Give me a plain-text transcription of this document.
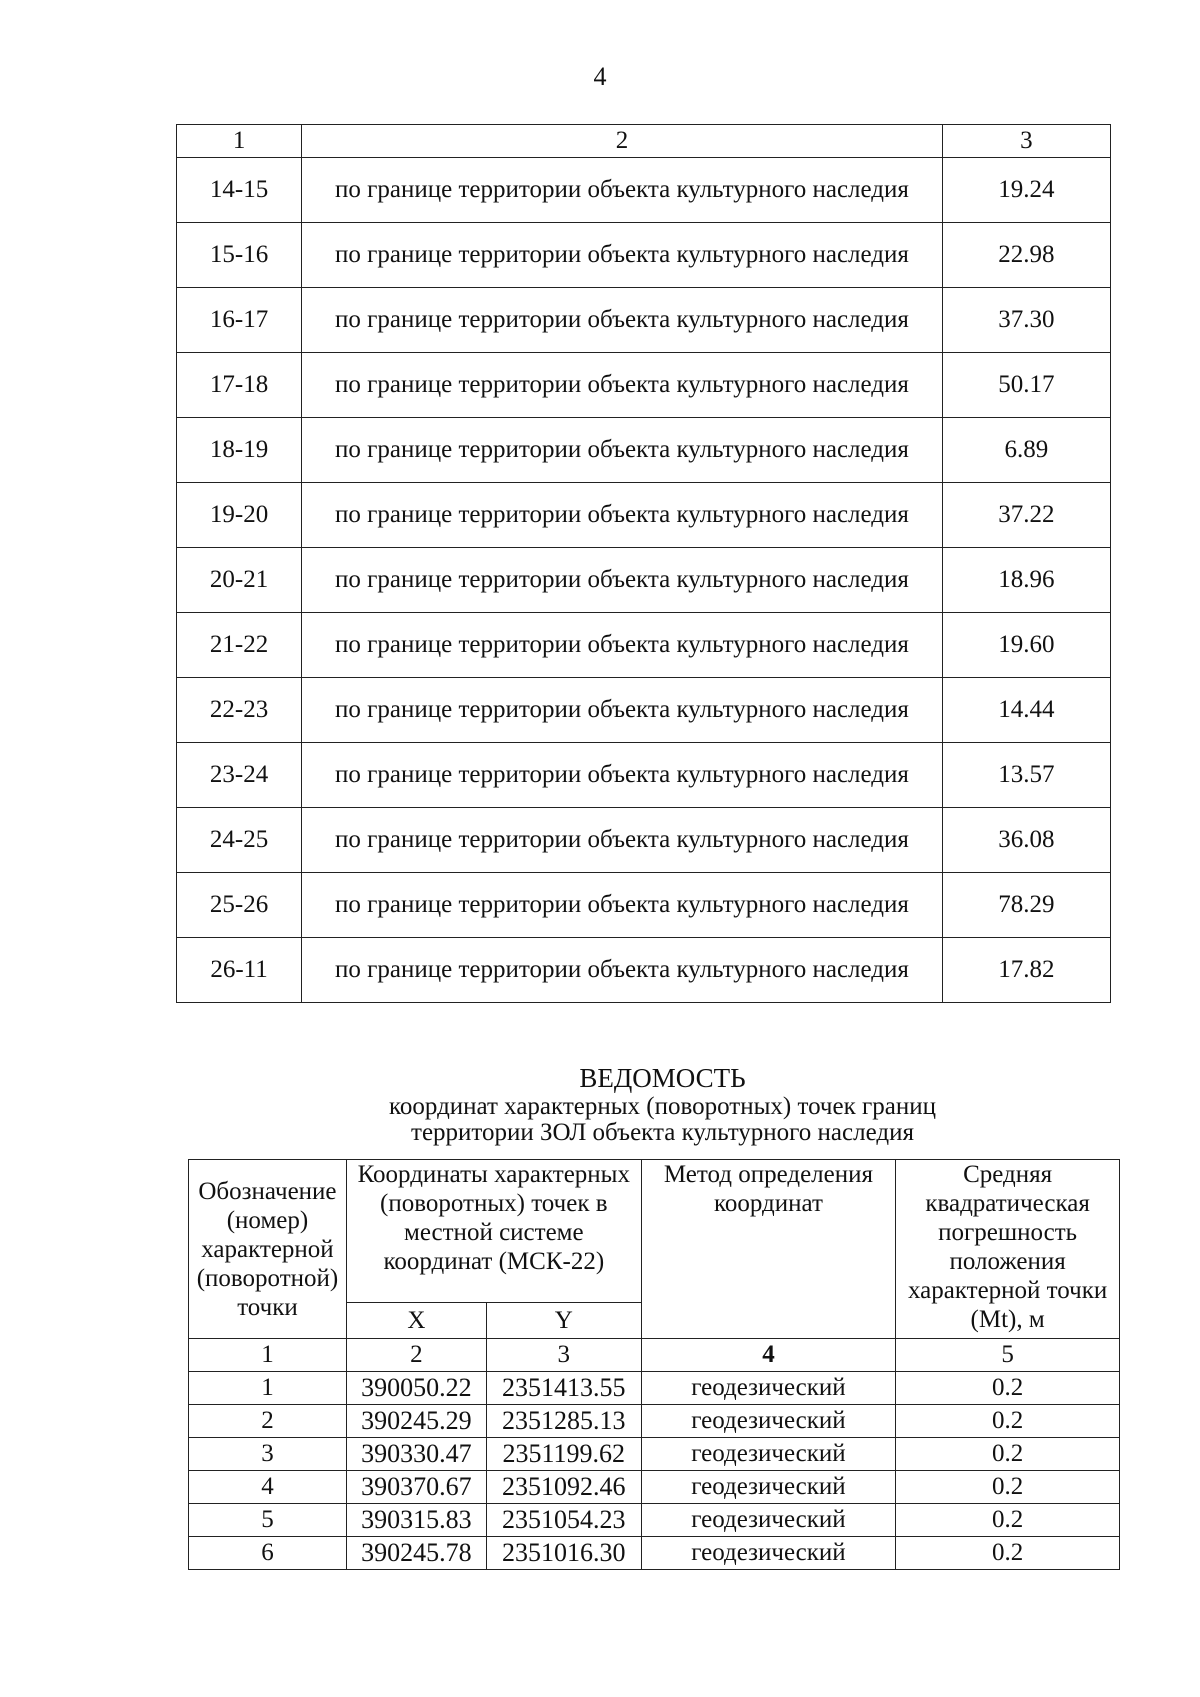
4
1	2	3
14-15	по границе территории объекта культурного наследия	19.24
15-16	по границе территории объекта культурного наследия	22.98
16-17	по границе территории объекта культурного наследия	37.30
17-18	по границе территории объекта культурного наследия	50.17
18-19	по границе территории объекта культурного наследия	6.89
19-20	по границе территории объекта культурного наследия	37.22
20-21	по границе территории объекта культурного наследия	18.96
21-22	по границе территории объекта культурного наследия	19.60
22-23	по границе территории объекта культурного наследия	14.44
23-24	по границе территории объекта культурного наследия	13.57
24-25	по границе территории объекта культурного наследия	36.08
25-26	по границе территории объекта культурного наследия	78.29
26-11	по границе территории объекта культурного наследия	17.82
ВЕДОМОСТЬ
координат характерных (поворотных) точек границ
территории ЗОЛ объекта культурного наследия
Обозначение (номер) характерной (поворотной) точки	Координаты характерных (поворотных) точек в местной системе координат (МСК-22)		Метод определения координат	Средняя квадратическая погрешность положения характерной точки (Mt), м
	X	Y		
1	2	3	4	5
1	390050.22	2351413.55	геодезический	0.2
2	390245.29	2351285.13	геодезический	0.2
3	390330.47	2351199.62	геодезический	0.2
4	390370.67	2351092.46	геодезический	0.2
5	390315.83	2351054.23	геодезический	0.2
6	390245.78	2351016.30	геодезический	0.2
